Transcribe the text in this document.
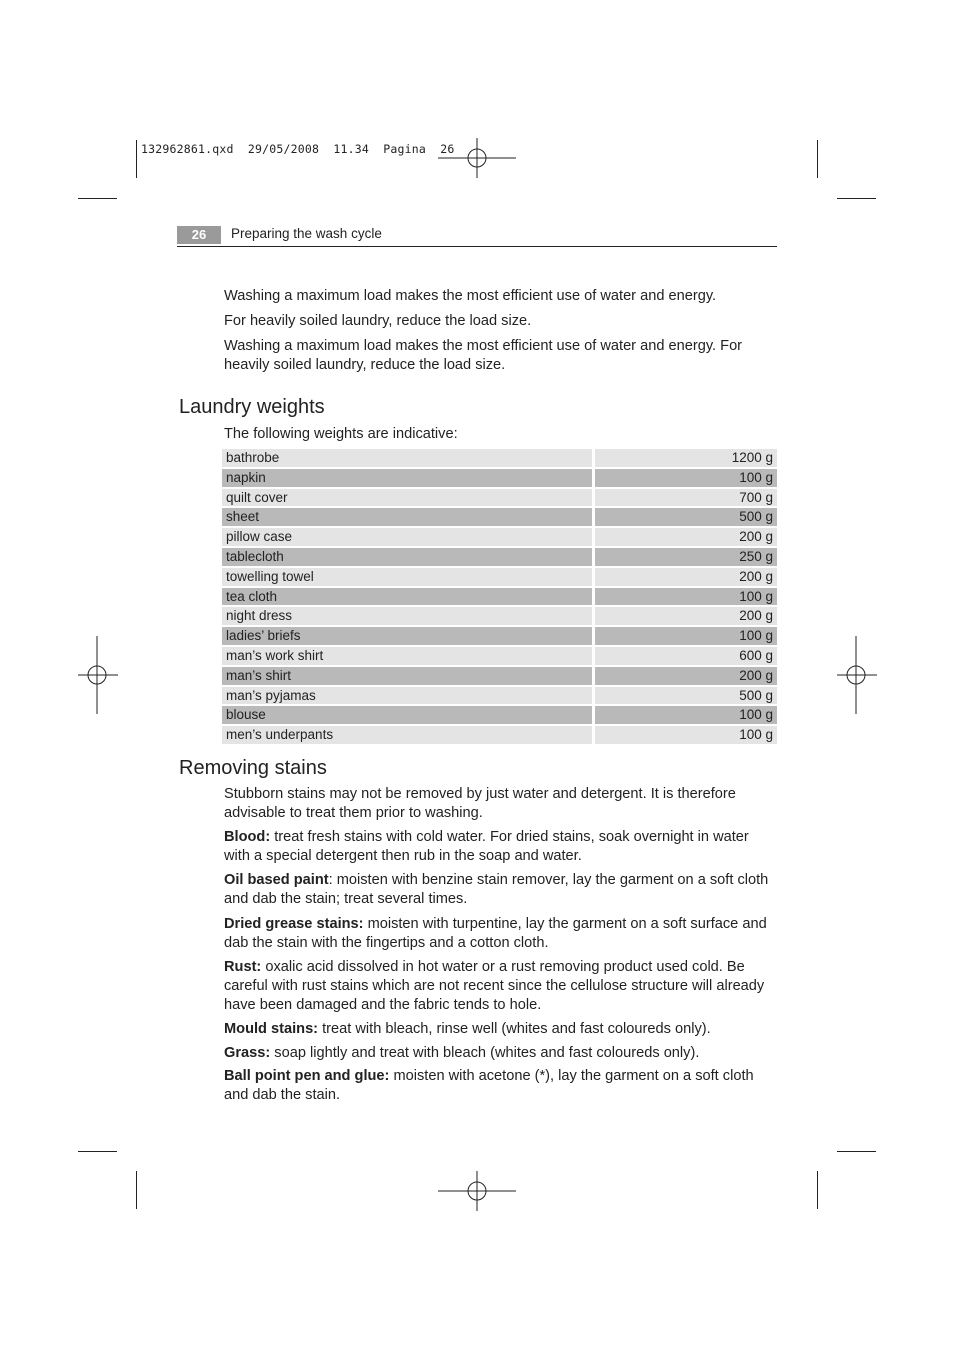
132962861.qxd  29/05/2008  11.34  Pagina  26
26	Preparing the wash cycle
Washing a maximum load makes the most efficient use of water and energy.
For heavily soiled laundry, reduce the load size.
Washing a maximum load makes the most efficient use of water and energy. For heavily soiled laundry, reduce the load size.
Laundry weights
The following weights are indicative:
bathrobe	1200 g
napkin	100 g
quilt cover	700 g
sheet	500 g
pillow case	200 g
tablecloth	250 g
towelling towel	200 g
tea cloth	100 g
night dress	200 g
ladies’ briefs	100 g
man’s work shirt	600 g
man’s shirt	200 g
man’s pyjamas	500 g
blouse	100 g
men’s underpants	100 g
Removing stains
Stubborn stains may not be removed by just water and detergent. It is therefore advisable to treat them prior to washing.
Blood: treat fresh stains with cold water. For dried stains, soak overnight in water with a special detergent then rub in the soap and water.
Oil based paint: moisten with benzine stain remover, lay the garment on a soft cloth and dab the stain; treat several times.
Dried grease stains: moisten with turpentine, lay the garment on a soft surface and dab the stain with the fingertips and a cotton cloth.
Rust: oxalic acid dissolved in hot water or a rust removing product used cold. Be careful with rust stains which are not recent since the cellulose structure will already have been damaged and the fabric tends to hole.
Mould stains: treat with bleach, rinse well (whites and fast coloureds only).
Grass: soap lightly and treat with bleach (whites and fast coloureds only).
Ball point pen and glue: moisten with acetone (*), lay the garment on a soft cloth and dab the stain.
